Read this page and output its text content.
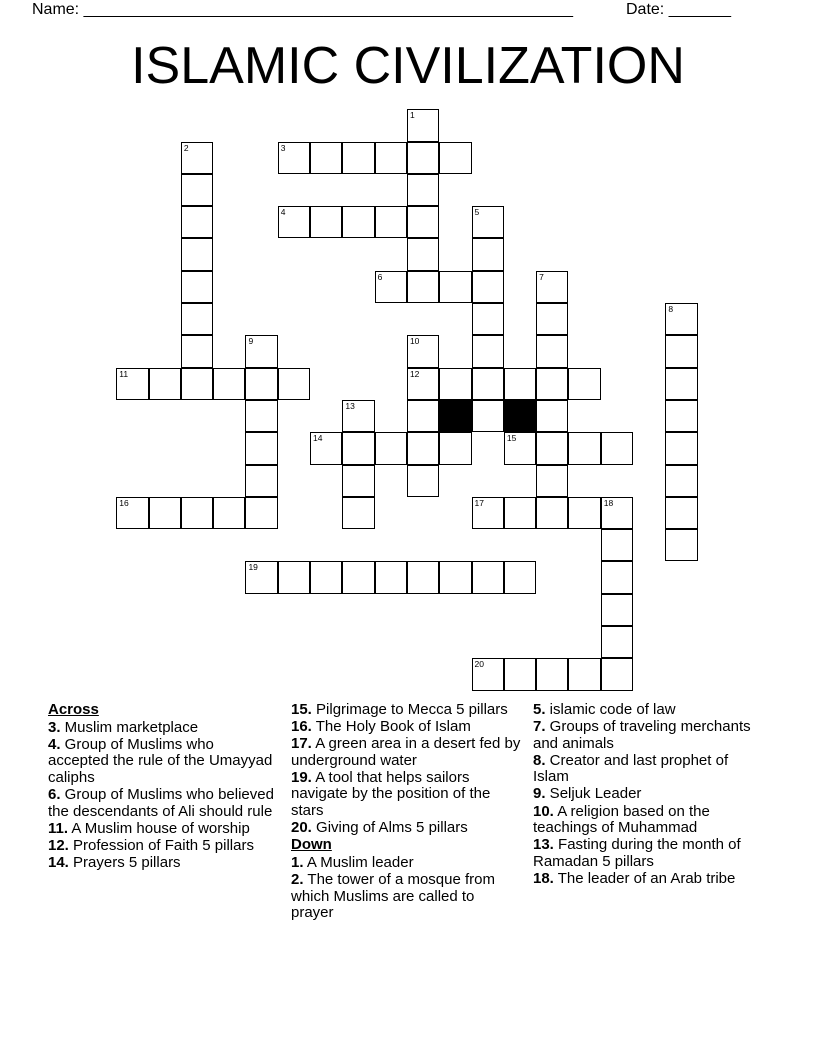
Name: _______________________________________________________	Date: _______
ISLAMIC CIVILIZATION
1
2	3
4	5
6	7
8
9	10
12
11
13
14	15
16	17	18
19
20
Across
3. Muslim marketplace
4. Group of Muslims who accepted the rule of the Umayyad caliphs
6. Group of Muslims who believed the descendants of Ali should rule
11. A Muslim house of worship
12. Profession of Faith 5 pillars
14. Prayers 5 pillars
15. Pilgrimage to Mecca 5 pillars
16. The Holy Book of Islam
17. A green area in a desert fed by underground water
19. A tool that helps sailors navigate by the position of the stars
20. Giving of Alms 5 pillars
Down
1. A Muslim leader
2. The tower of a mosque from which Muslims are called to prayer
5. islamic code of law
7. Groups of traveling merchants and animals
8. Creator and last prophet of Islam
9. Seljuk Leader
10. A religion based on the teachings of Muhammad
13. Fasting during the month of Ramadan 5 pillars
18. The leader of an Arab tribe
